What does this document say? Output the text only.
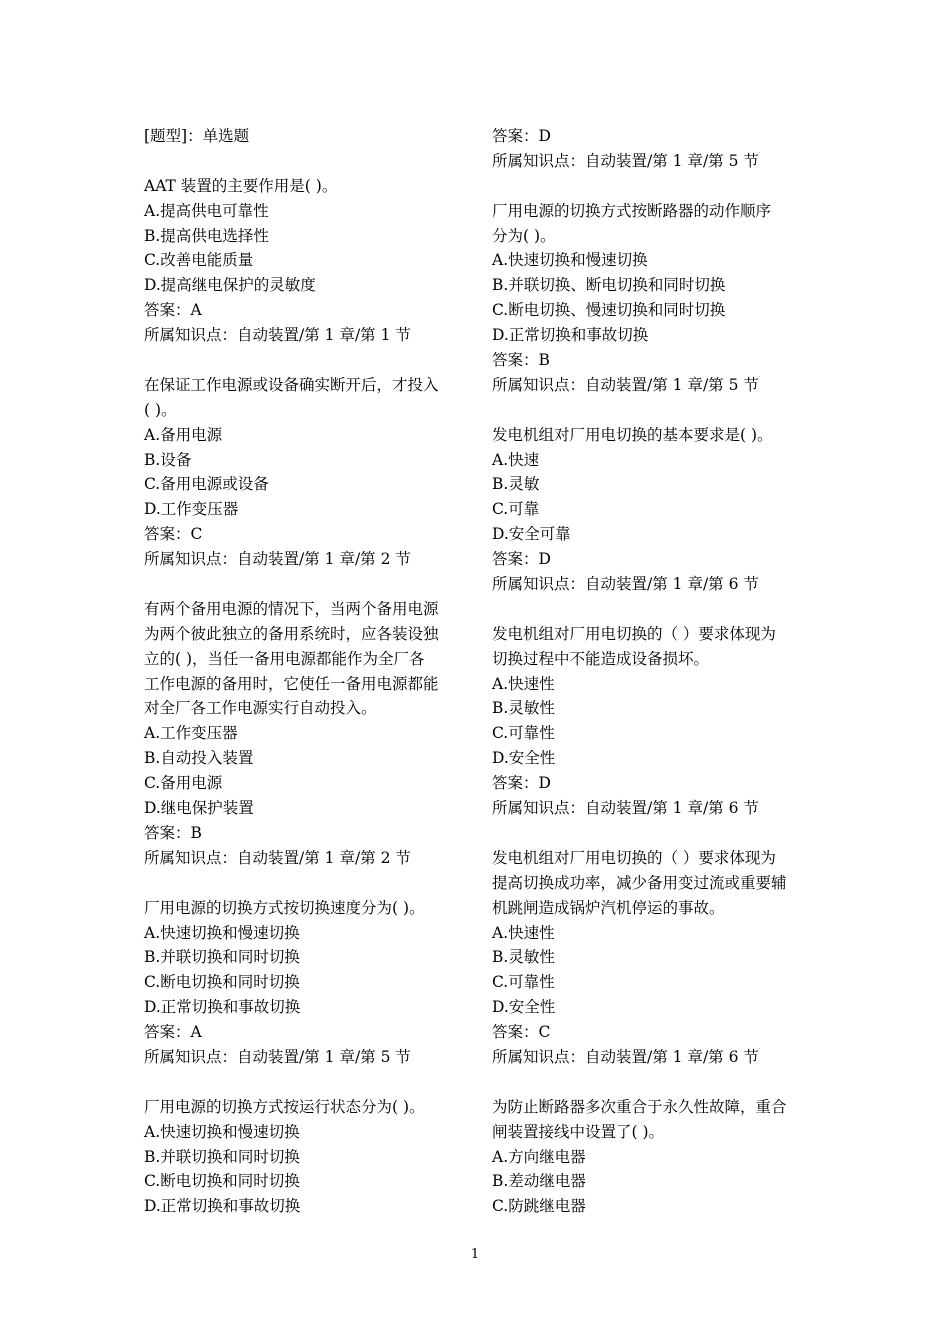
[题型]：单选题
AAT 装置的主要作用是( )。
A.提高供电可靠性
B.提高供电选择性
C.改善电能质量
D.提高继电保护的灵敏度
答案：A
所属知识点：自动装置/第 1 章/第 1 节
在保证工作电源或设备确实断开后，才投入
( )。
A.备用电源
B.设备
C.备用电源或设备
D.工作变压器
答案：C
所属知识点：自动装置/第 1 章/第 2 节
有两个备用电源的情况下，当两个备用电源
为两个彼此独立的备用系统时，应各装设独
立的( )，当任一备用电源都能作为全厂各
工作电源的备用时，它使任一备用电源都能
对全厂各工作电源实行自动投入。
A.工作变压器
B.自动投入装置
C.备用电源
D.继电保护装置
答案：B
所属知识点：自动装置/第 1 章/第 2 节
厂用电源的切换方式按切换速度分为( )。
A.快速切换和慢速切换
B.并联切换和同时切换
C.断电切换和同时切换
D.正常切换和事故切换
答案：A
所属知识点：自动装置/第 1 章/第 5 节
厂用电源的切换方式按运行状态分为( )。
A.快速切换和慢速切换
B.并联切换和同时切换
C.断电切换和同时切换
D.正常切换和事故切换
答案：D
所属知识点：自动装置/第 1 章/第 5 节
厂用电源的切换方式按断路器的动作顺序
分为( )。
A.快速切换和慢速切换
B.并联切换、断电切换和同时切换
C.断电切换、慢速切换和同时切换
D.正常切换和事故切换
答案：B
所属知识点：自动装置/第 1 章/第 5 节
发电机组对厂用电切换的基本要求是( )。
A.快速
B.灵敏
C.可靠
D.安全可靠
答案：D
所属知识点：自动装置/第 1 章/第 6 节
发电机组对厂用电切换的（ ）要求体现为
切换过程中不能造成设备损坏。
A.快速性
B.灵敏性
C.可靠性
D.安全性
答案：D
所属知识点：自动装置/第 1 章/第 6 节
发电机组对厂用电切换的（ ）要求体现为
提高切换成功率，减少备用变过流或重要辅
机跳闸造成锅炉汽机停运的事故。
A.快速性
B.灵敏性
C.可靠性
D.安全性
答案：C
所属知识点：自动装置/第 1 章/第 6 节
为防止断路器多次重合于永久性故障，重合
闸装置接线中设置了( )。
A.方向继电器
B.差动继电器
C.防跳继电器
1
